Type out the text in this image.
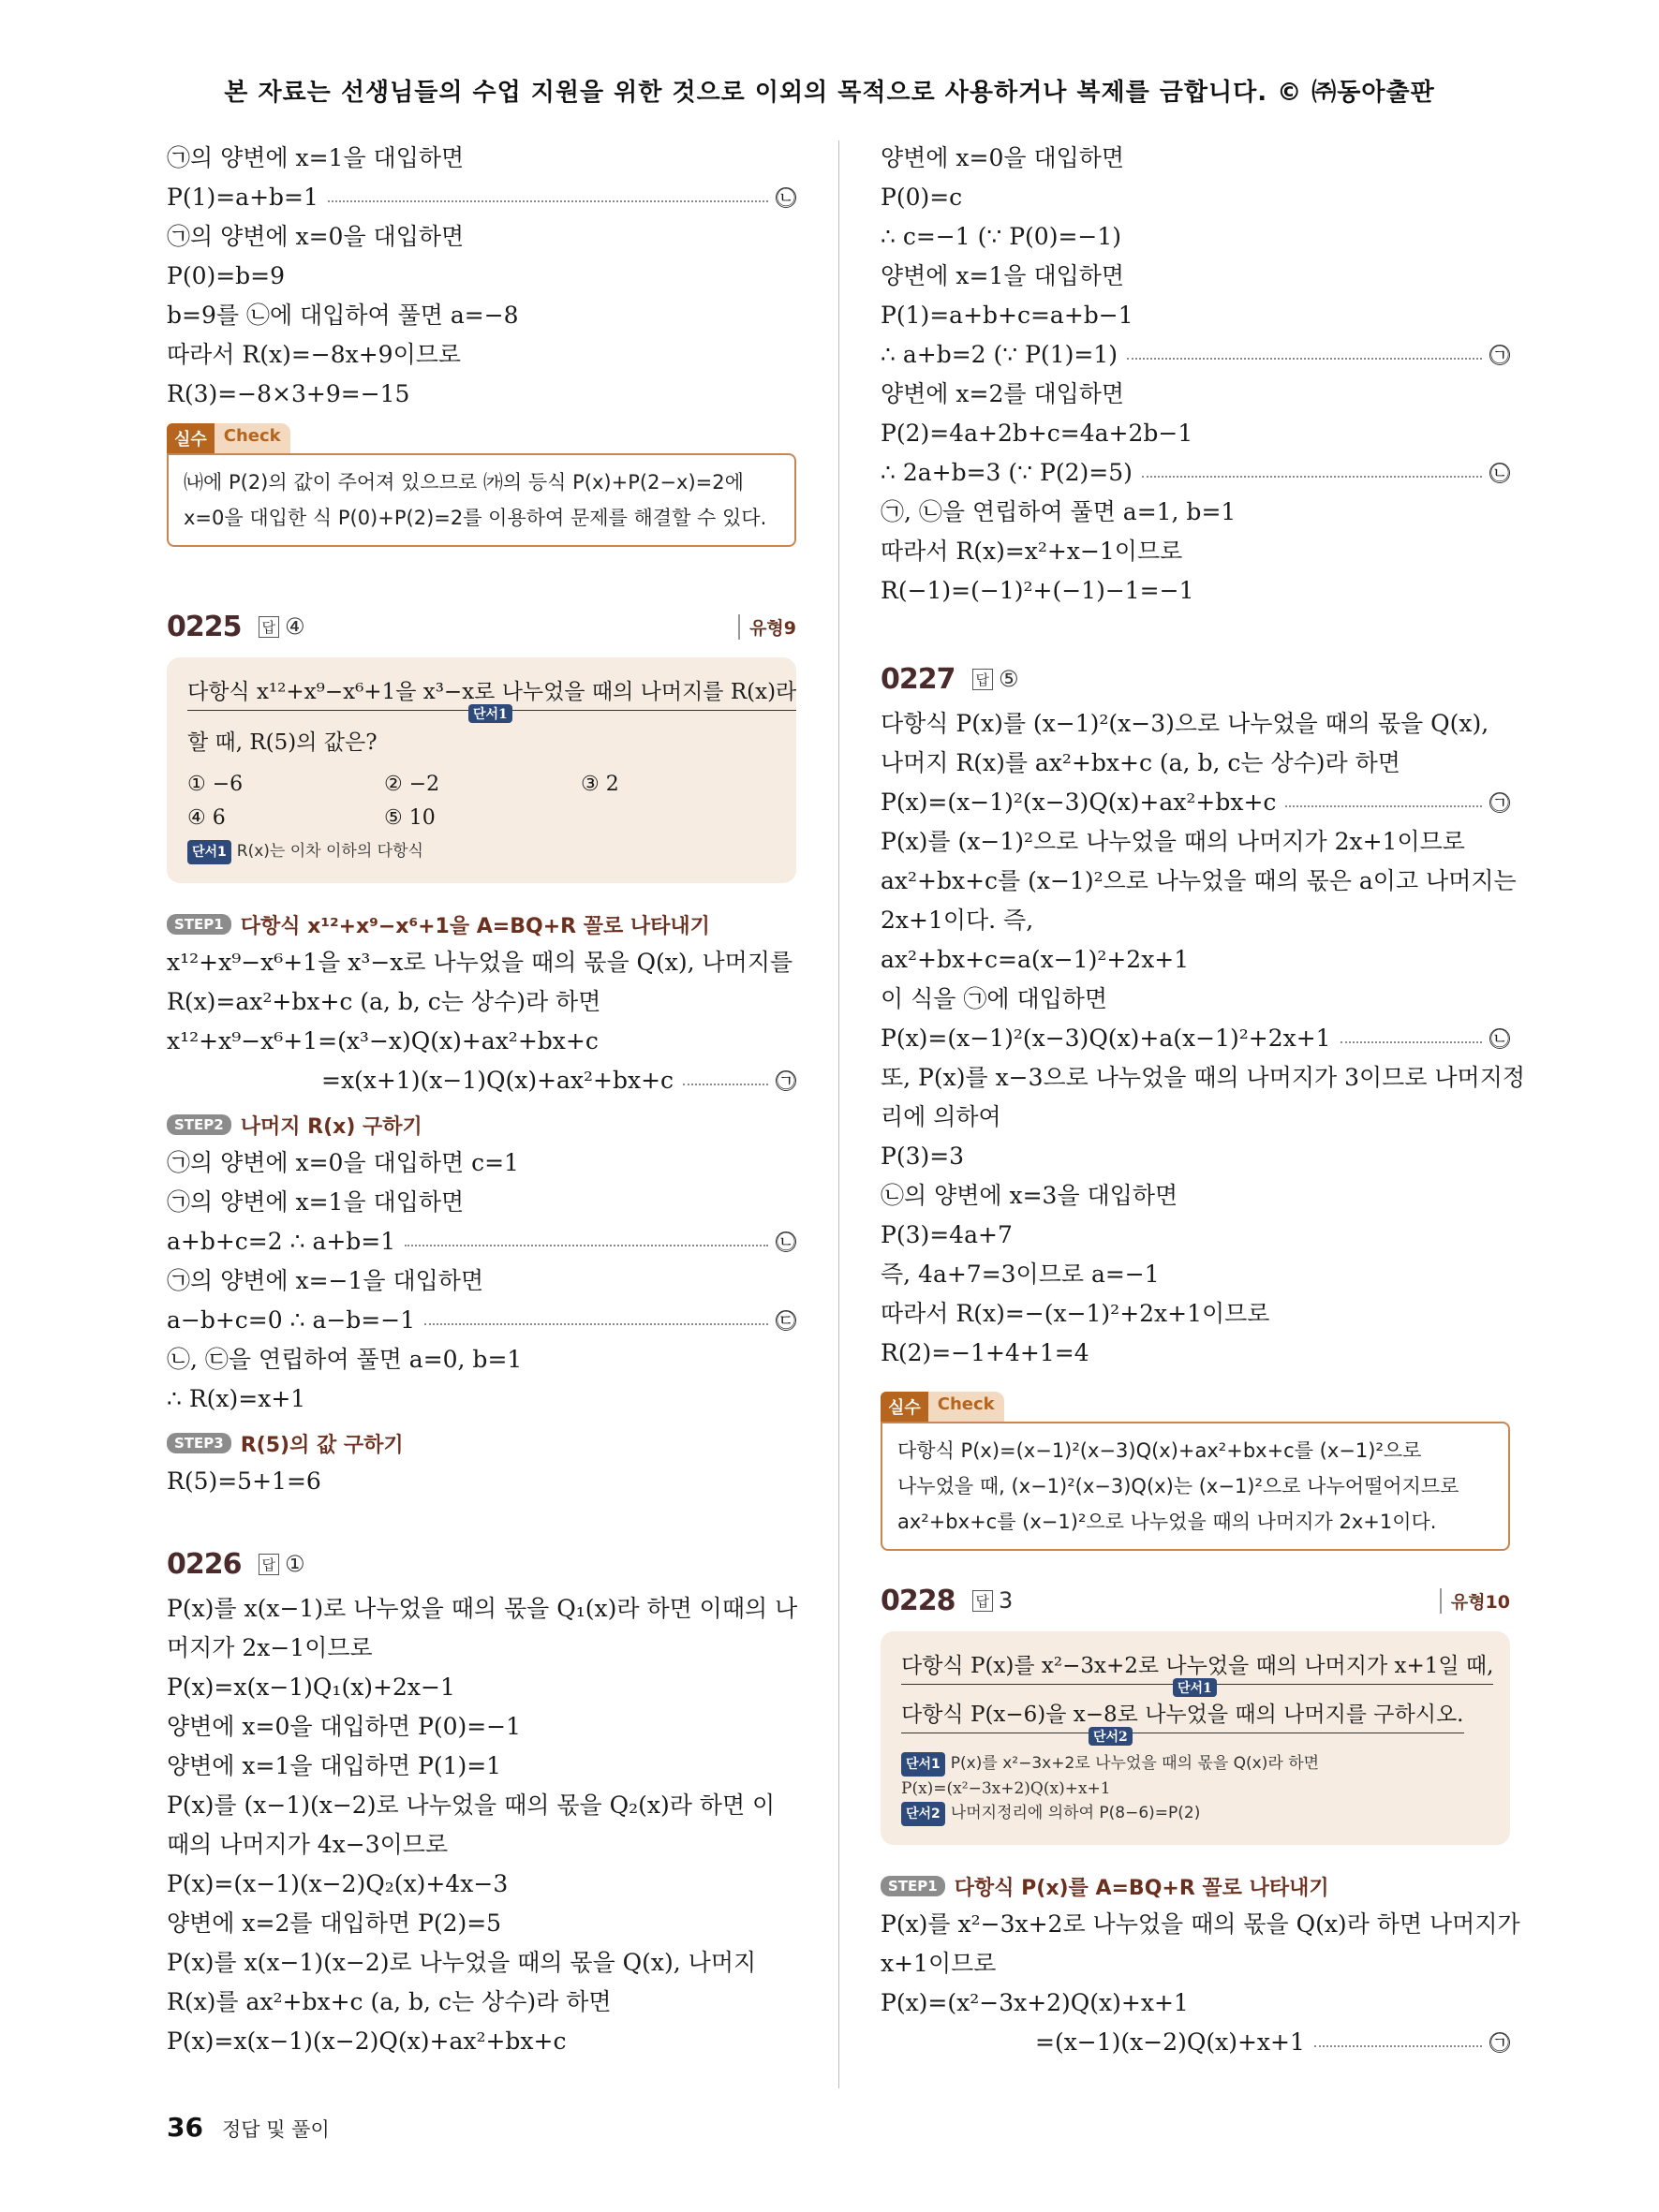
본 자료는 선생님들의 수업 지원을 위한 것으로 이외의 목적으로 사용하거나 복제를 금합니다. © ㈜동아출판
㉠의 양변에 x=1을 대입하면
P(1)=a+b=1	㉡
㉠의 양변에 x=0을 대입하면
P(0)=b=9
b=9를 ㉡에 대입하여 풀면 a=−8
따라서 R(x)=−8x+9이므로
R(3)=−8×3+9=−15
실수	Check
㈏에 P(2)의 값이 주어져 있으므로 ㈎의 등식 P(x)+P(2−x)=2에
x=0을 대입한 식 P(0)+P(2)=2를 이용하여 문제를 해결할 수 있다.
0225 답 ④	유형9
다항식 x¹²+x⁹−x⁶+1을 x³−x로 나누었을 때의 나머지를 R(x)라
단서1
할 때, R(5)의 값은?
① −6	② −2	③ 2
④ 6	⑤ 10
단서1 R(x)는 이차 이하의 다항식
STEP1 다항식 x¹²+x⁹−x⁶+1을 A=BQ+R 꼴로 나타내기
x¹²+x⁹−x⁶+1을 x³−x로 나누었을 때의 몫을 Q(x), 나머지를
R(x)=ax²+bx+c (a, b, c는 상수)라 하면
x¹²+x⁹−x⁶+1=(x³−x)Q(x)+ax²+bx+c
=x(x+1)(x−1)Q(x)+ax²+bx+c	㉠
STEP2 나머지 R(x) 구하기
㉠의 양변에 x=0을 대입하면 c=1
㉠의 양변에 x=1을 대입하면
a+b+c=2 ∴ a+b=1	㉡
㉠의 양변에 x=−1을 대입하면
a−b+c=0 ∴ a−b=−1	㉢
㉡, ㉢을 연립하여 풀면 a=0, b=1
∴ R(x)=x+1
STEP3 R(5)의 값 구하기
R(5)=5+1=6
0226 답 ①
P(x)를 x(x−1)로 나누었을 때의 몫을 Q₁(x)라 하면 이때의 나
머지가 2x−1이므로
P(x)=x(x−1)Q₁(x)+2x−1
양변에 x=0을 대입하면 P(0)=−1
양변에 x=1을 대입하면 P(1)=1
P(x)를 (x−1)(x−2)로 나누었을 때의 몫을 Q₂(x)라 하면 이
때의 나머지가 4x−3이므로
P(x)=(x−1)(x−2)Q₂(x)+4x−3
양변에 x=2를 대입하면 P(2)=5
P(x)를 x(x−1)(x−2)로 나누었을 때의 몫을 Q(x), 나머지
R(x)를 ax²+bx+c (a, b, c는 상수)라 하면
P(x)=x(x−1)(x−2)Q(x)+ax²+bx+c
양변에 x=0을 대입하면
P(0)=c
∴ c=−1 (∵ P(0)=−1)
양변에 x=1을 대입하면
P(1)=a+b+c=a+b−1
∴ a+b=2 (∵ P(1)=1)	㉠
양변에 x=2를 대입하면
P(2)=4a+2b+c=4a+2b−1
∴ 2a+b=3 (∵ P(2)=5)	㉡
㉠, ㉡을 연립하여 풀면 a=1, b=1
따라서 R(x)=x²+x−1이므로
R(−1)=(−1)²+(−1)−1=−1
0227 답 ⑤
다항식 P(x)를 (x−1)²(x−3)으로 나누었을 때의 몫을 Q(x),
나머지 R(x)를 ax²+bx+c (a, b, c는 상수)라 하면
P(x)=(x−1)²(x−3)Q(x)+ax²+bx+c	㉠
P(x)를 (x−1)²으로 나누었을 때의 나머지가 2x+1이므로
ax²+bx+c를 (x−1)²으로 나누었을 때의 몫은 a이고 나머지는
2x+1이다. 즉,
ax²+bx+c=a(x−1)²+2x+1
이 식을 ㉠에 대입하면
P(x)=(x−1)²(x−3)Q(x)+a(x−1)²+2x+1	㉡
또, P(x)를 x−3으로 나누었을 때의 나머지가 3이므로 나머지정
리에 의하여
P(3)=3
㉡의 양변에 x=3을 대입하면
P(3)=4a+7
즉, 4a+7=3이므로 a=−1
따라서 R(x)=−(x−1)²+2x+1이므로
R(2)=−1+4+1=4
실수	Check
다항식 P(x)=(x−1)²(x−3)Q(x)+ax²+bx+c를 (x−1)²으로
나누었을 때, (x−1)²(x−3)Q(x)는 (x−1)²으로 나누어떨어지므로
ax²+bx+c를 (x−1)²으로 나누었을 때의 나머지가 2x+1이다.
0228 답 3	유형10
다항식 P(x)를 x²−3x+2로 나누었을 때의 나머지가 x+1일 때,
단서1
다항식 P(x−6)을 x−8로 나누었을 때의 나머지를 구하시오.
단서2
단서1 P(x)를 x²−3x+2로 나누었을 때의 몫을 Q(x)라 하면
P(x)=(x²−3x+2)Q(x)+x+1
단서2 나머지정리에 의하여 P(8−6)=P(2)
STEP1 다항식 P(x)를 A=BQ+R 꼴로 나타내기
P(x)를 x²−3x+2로 나누었을 때의 몫을 Q(x)라 하면 나머지가
x+1이므로
P(x)=(x²−3x+2)Q(x)+x+1
=(x−1)(x−2)Q(x)+x+1	㉠
36 정답 및 풀이
